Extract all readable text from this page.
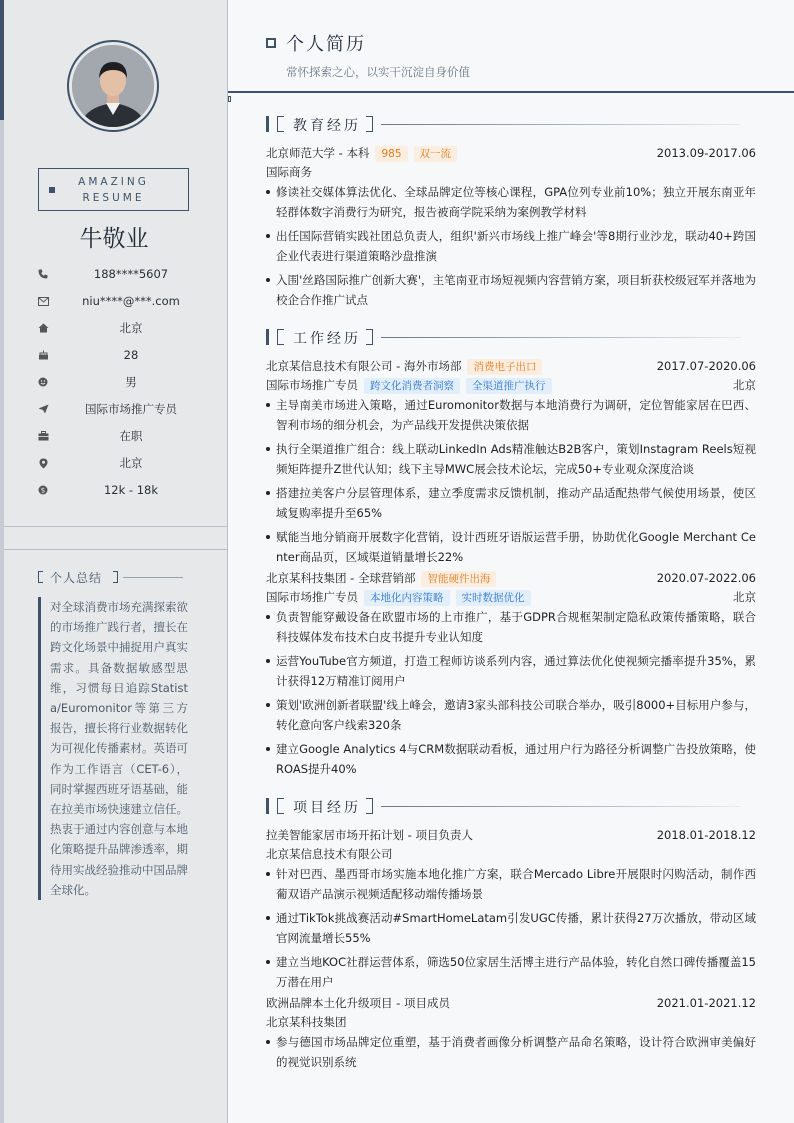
AMAZING
RESUME
牛敬业
188****5607
niu****@***.com
北京
28
男
国际市场推广专员
在职
北京
$	12k - 18k
个人总结
对全球消费市场充满探索欲的市场推广践行者，擅长在跨文化场景中捕捉用户真实需求。具备数据敏感型思维，习惯每日追踪Statista/Euromonitor等第三方报告，擅长将行业数据转化为可视化传播素材。英语可作为工作语言（CET-6），同时掌握西班牙语基础，能在拉美市场快速建立信任。热衷于通过内容创意与本地化策略提升品牌渗透率，期待用实战经验推动中国品牌全球化。
个人简历
常怀探索之心，以实干沉淀自身价值
教育经历
北京师范大学 - 本科 985 双一流	2013.09-2017.06
国际商务
修读社交媒体算法优化、全球品牌定位等核心课程，GPA位列专业前10%；独立开展东南亚年轻群体数字消费行为研究，报告被商学院采纳为案例教学材料
出任国际营销实践社团总负责人，组织'新兴市场线上推广峰会'等8期行业沙龙，联动40+跨国企业代表进行渠道策略沙盘推演
入围'丝路国际推广创新大赛'，主笔南亚市场短视频内容营销方案，项目斩获校级冠军并落地为校企合作推广试点
工作经历
北京某信息技术有限公司 - 海外市场部 消费电子出口	2017.07-2020.06
国际市场推广专员 跨文化消费者洞察 全渠道推广执行	北京
主导南美市场进入策略，通过Euromonitor数据与本地消费行为调研，定位智能家居在巴西、智利市场的细分机会，为产品线开发提供决策依据
执行全渠道推广组合：线上联动LinkedIn Ads精准触达B2B客户，策划Instagram Reels短视频矩阵提升Z世代认知；线下主导MWC展会技术论坛，完成50+专业观众深度洽谈
搭建拉美客户分层管理体系，建立季度需求反馈机制，推动产品适配热带气候使用场景，使区域复购率提升至65%
赋能当地分销商开展数字化营销，设计西班牙语版运营手册，协助优化Google Merchant Center商品页，区域渠道销量增长22%
北京某科技集团 - 全球营销部 智能硬件出海	2020.07-2022.06
国际市场推广专员 本地化内容策略 实时数据优化	北京
负责智能穿戴设备在欧盟市场的上市推广，基于GDPR合规框架制定隐私政策传播策略，联合科技媒体发布技术白皮书提升专业认知度
运营YouTube官方频道，打造工程师访谈系列内容，通过算法优化使视频完播率提升35%，累计获得12万精准订阅用户
策划'欧洲创新者联盟'线上峰会，邀请3家头部科技公司联合举办，吸引8000+目标用户参与，转化意向客户线索320条
建立Google Analytics 4与CRM数据联动看板，通过用户行为路径分析调整广告投放策略，使ROAS提升40%
项目经历
拉美智能家居市场开拓计划 - 项目负责人	2018.01-2018.12
北京某信息技术有限公司
针对巴西、墨西哥市场实施本地化推广方案，联合Mercado Libre开展限时闪购活动，制作西葡双语产品演示视频适配移动端传播场景
通过TikTok挑战赛活动#SmartHomeLatam引发UGC传播，累计获得27万次播放，带动区域官网流量增长55%
建立当地KOC社群运营体系，筛选50位家居生活博主进行产品体验，转化自然口碑传播覆盖15万潜在用户
欧洲品牌本土化升级项目 - 项目成员	2021.01-2021.12
北京某科技集团
参与德国市场品牌定位重塑，基于消费者画像分析调整产品命名策略，设计符合欧洲审美偏好的视觉识别系统
